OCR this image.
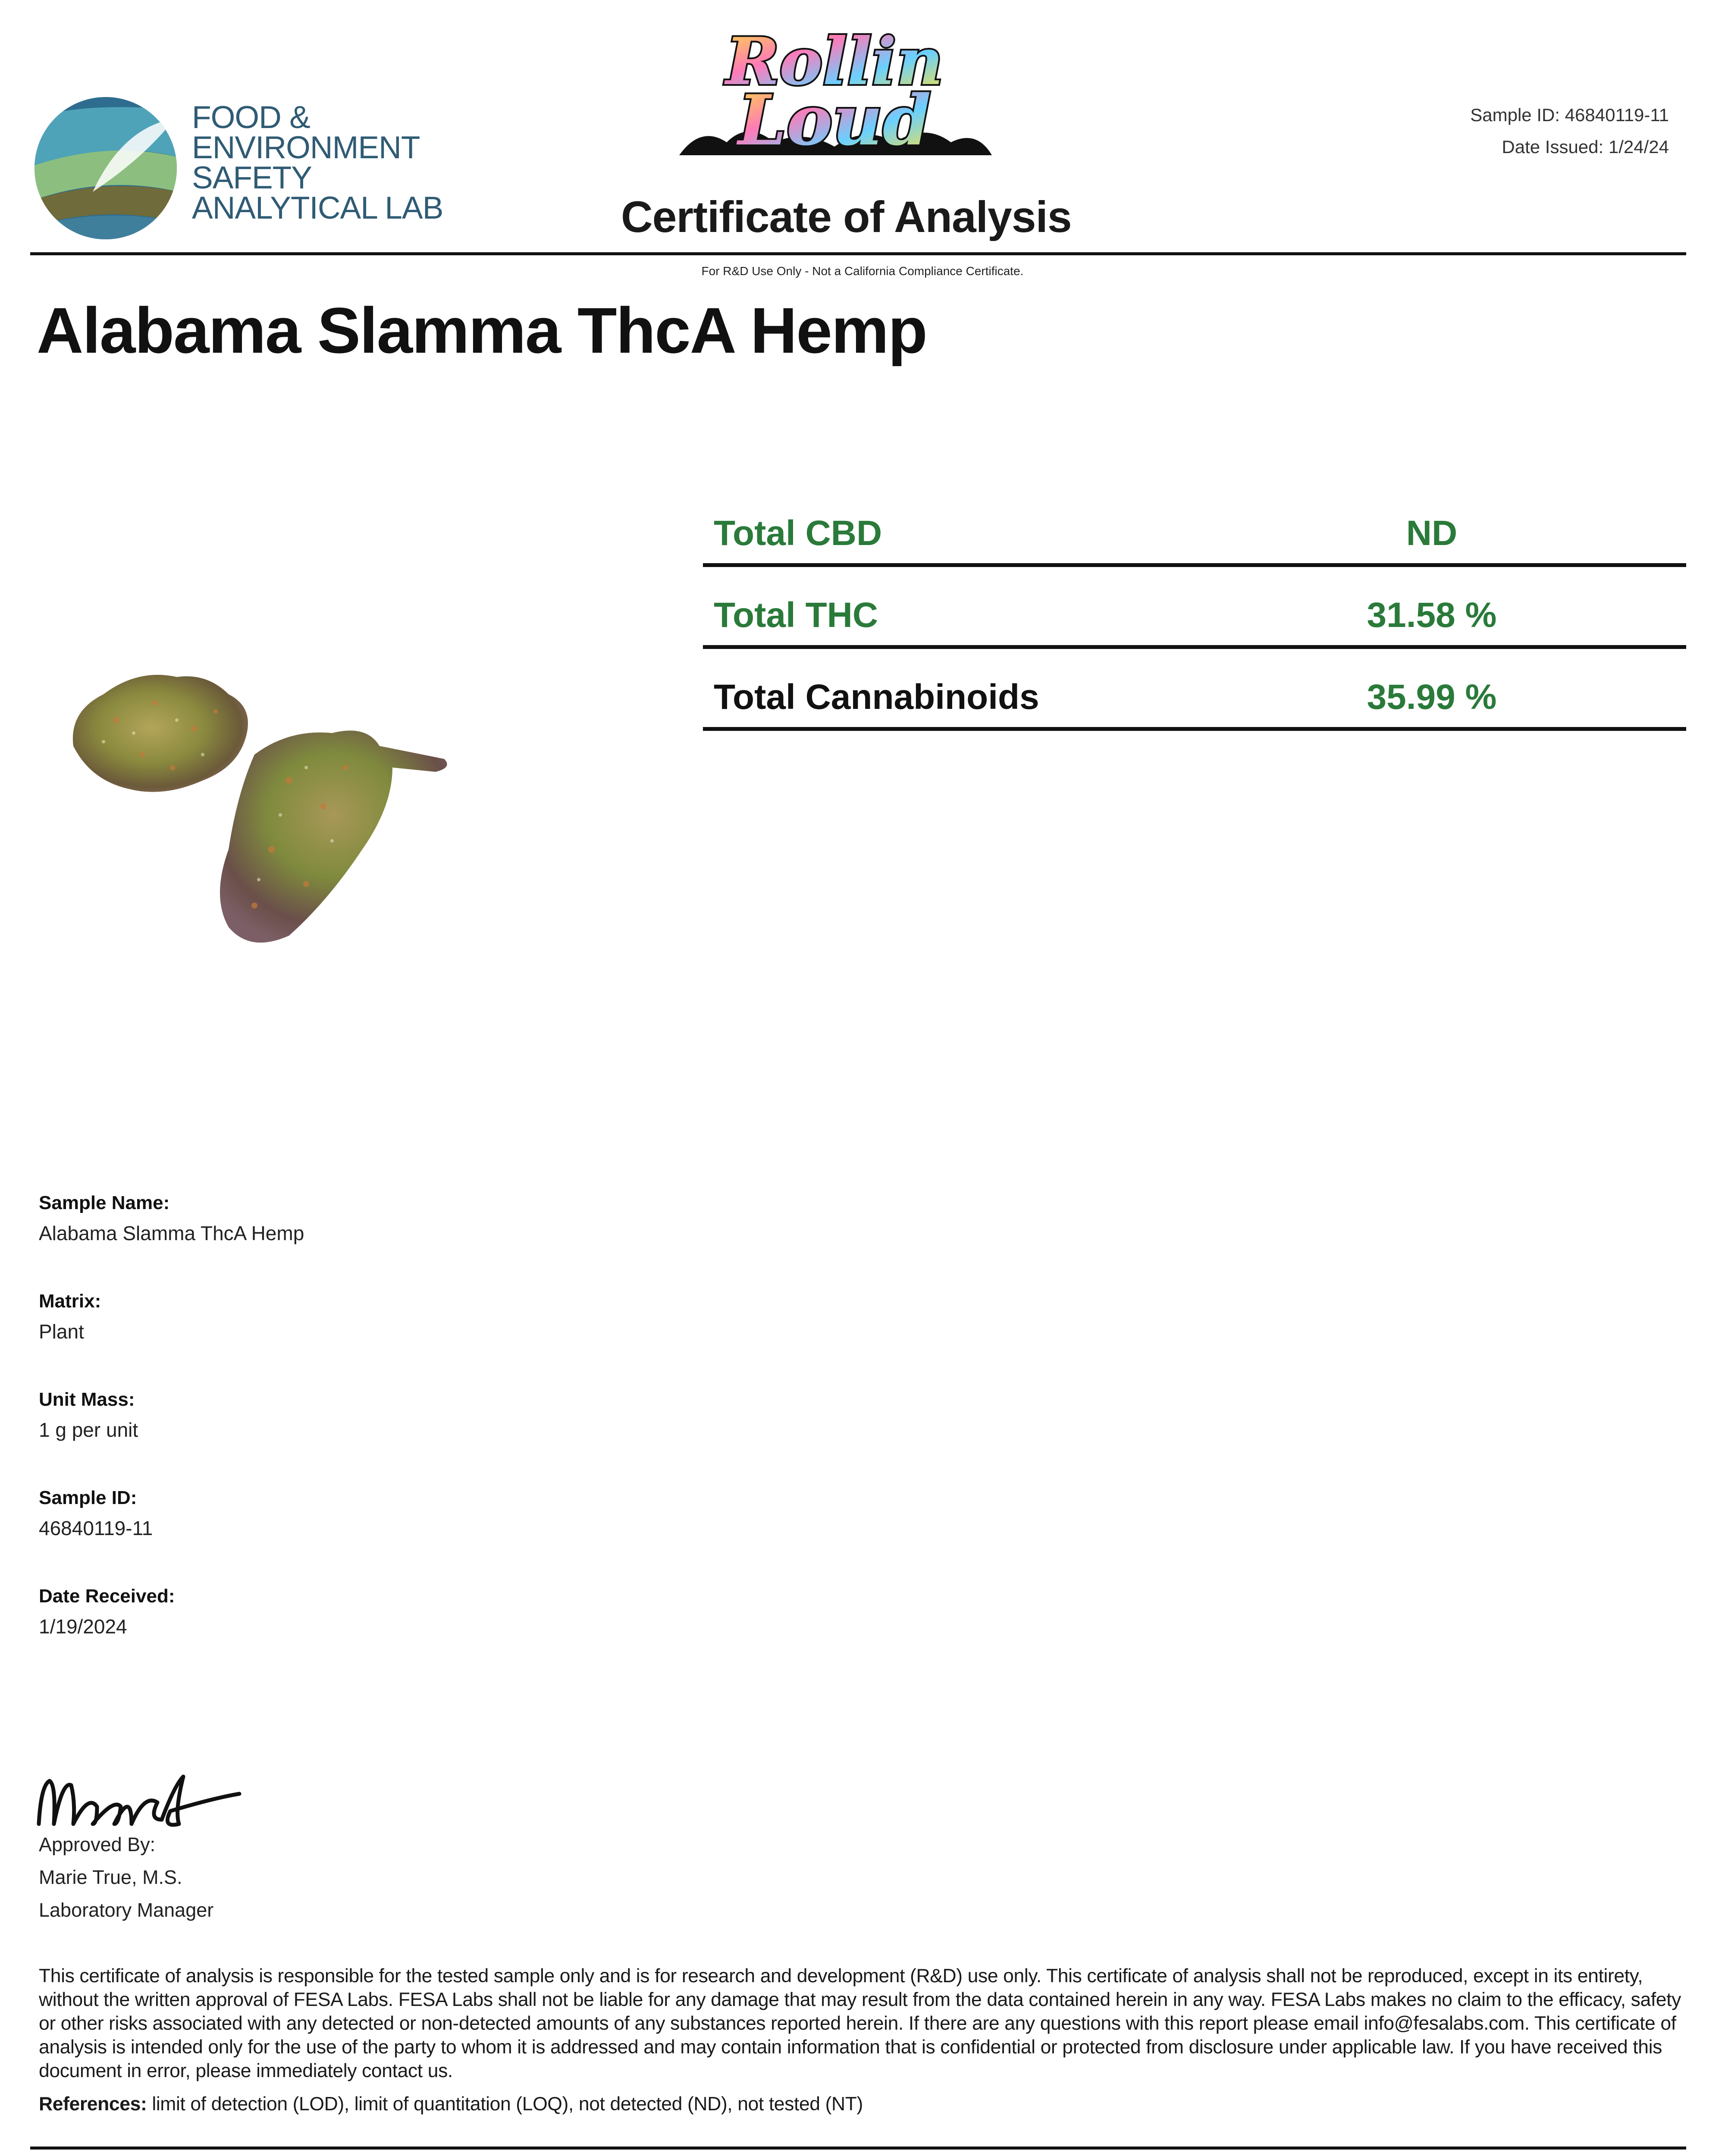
FOOD &
ENVIRONMENT
SAFETY
ANALYTICAL LAB
Rollin
Loud	Sample ID: 46840119-11
Date Issued: 1/24/24
Certificate of Analysis
For R&D Use Only - Not a California Compliance Certificate.
Alabama Slamma ThcA Hemp
Total CBD	ND
Total THC	31.58 %
Total Cannabinoids	35.99 %
Sample Name:
Alabama Slamma ThcA Hemp
Matrix:
Plant
Unit Mass:
1 g per unit
Sample ID:
46840119-11
Date Received:
1/19/2024
Approved By:
Marie True, M.S.
Laboratory Manager
This certificate of analysis is responsible for the tested sample only and is for research and development (R&D) use only. This certificate of analysis shall not be reproduced, except in its entirety, without the written approval of FESA Labs. FESA Labs shall not be liable for any damage that may result from the data contained herein in any way. FESA Labs makes no claim to the efficacy, safety or other risks associated with any detected or non-detected amounts of any substances reported herein. If there are any questions with this report please email info@fesalabs.com. This certificate of analysis is intended only for the use of the party to whom it is addressed and may contain information that is confidential or protected from disclosure under applicable law. If you have received this document in error, please immediately contact us.
References: limit of detection (LOD), limit of quantitation (LOQ), not detected (ND), not tested (NT)
